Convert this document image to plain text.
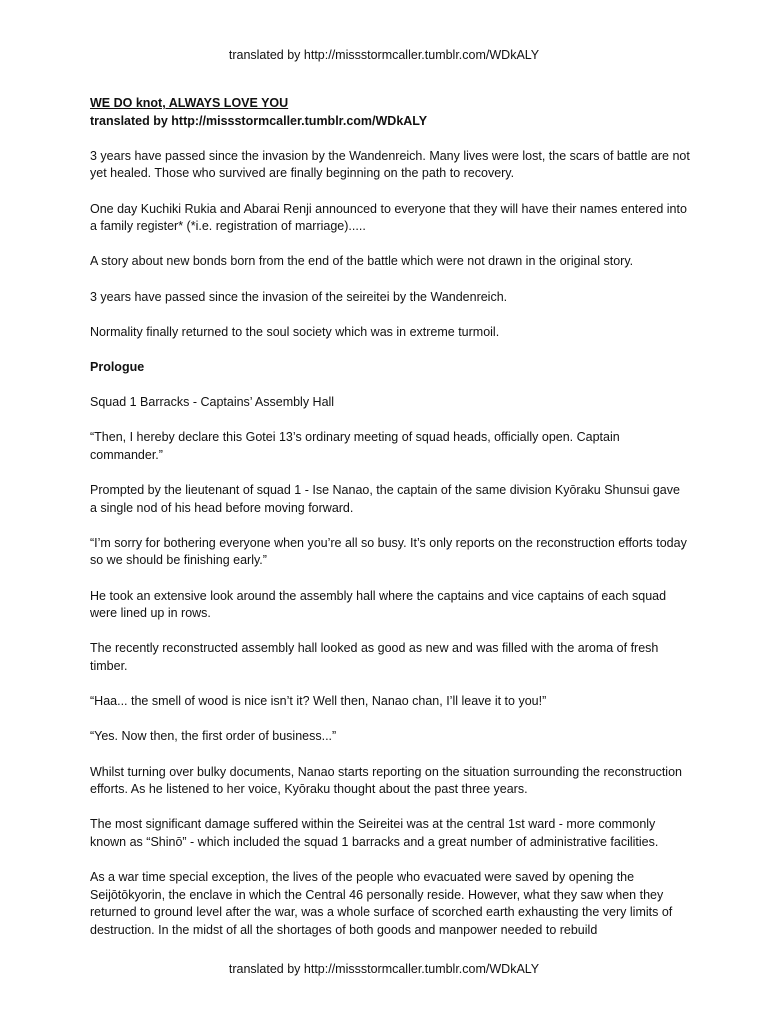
translated by http://missstormcaller.tumblr.com/WDkALY
WE DO knot, ALWAYS LOVE YOU
translated by http://missstormcaller.tumblr.com/WDkALY

3 years have passed since the invasion by the Wandenreich. Many lives were lost, the scars of battle are not yet healed. Those who survived are finally beginning on the path to recovery.

One day Kuchiki Rukia and Abarai Renji announced to everyone that they will have their names entered into a family register* (*i.e. registration of marriage).....

A story about new bonds born from the end of the battle which were not drawn in the original story.

3 years have passed since the invasion of the seireitei by the Wandenreich.

Normality finally returned to the soul society which was in extreme turmoil.

Prologue

Squad 1 Barracks - Captains’ Assembly Hall

“Then, I hereby declare this Gotei 13’s ordinary meeting of squad heads, officially open. Captain commander.”

Prompted by the lieutenant of squad 1 - Ise Nanao, the captain of the same division Kyōraku Shunsui gave a single nod of his head before moving forward.

“I’m sorry for bothering everyone when you’re all so busy. It’s only reports on the reconstruction efforts today so we should be finishing early.”

He took an extensive look around the assembly hall where the captains and vice captains of each squad were lined up in rows.

The recently reconstructed assembly hall looked as good as new and was filled with the aroma of fresh timber.

“Haa... the smell of wood is nice isn’t it? Well then, Nanao chan, I’ll leave it to you!”

“Yes. Now then, the first order of business...”

Whilst turning over bulky documents, Nanao starts reporting on the situation surrounding the reconstruction efforts. As he listened to her voice, Kyōraku thought about the past three years.

The most significant damage suffered within the Seireitei was at the central 1st ward - more commonly known as “Shinō” - which included the squad 1 barracks and a great number of administrative facilities.

As a war time special exception, the lives of the people who evacuated were saved by opening the Seijōtōkyorin, the enclave in which the Central 46 personally reside. However, what they saw when they returned to ground level after the war, was a whole surface of scorched earth exhausting the very limits of destruction. In the midst of all the shortages of both goods and manpower needed to rebuild

translated by http://missstormcaller.tumblr.com/WDkALY
